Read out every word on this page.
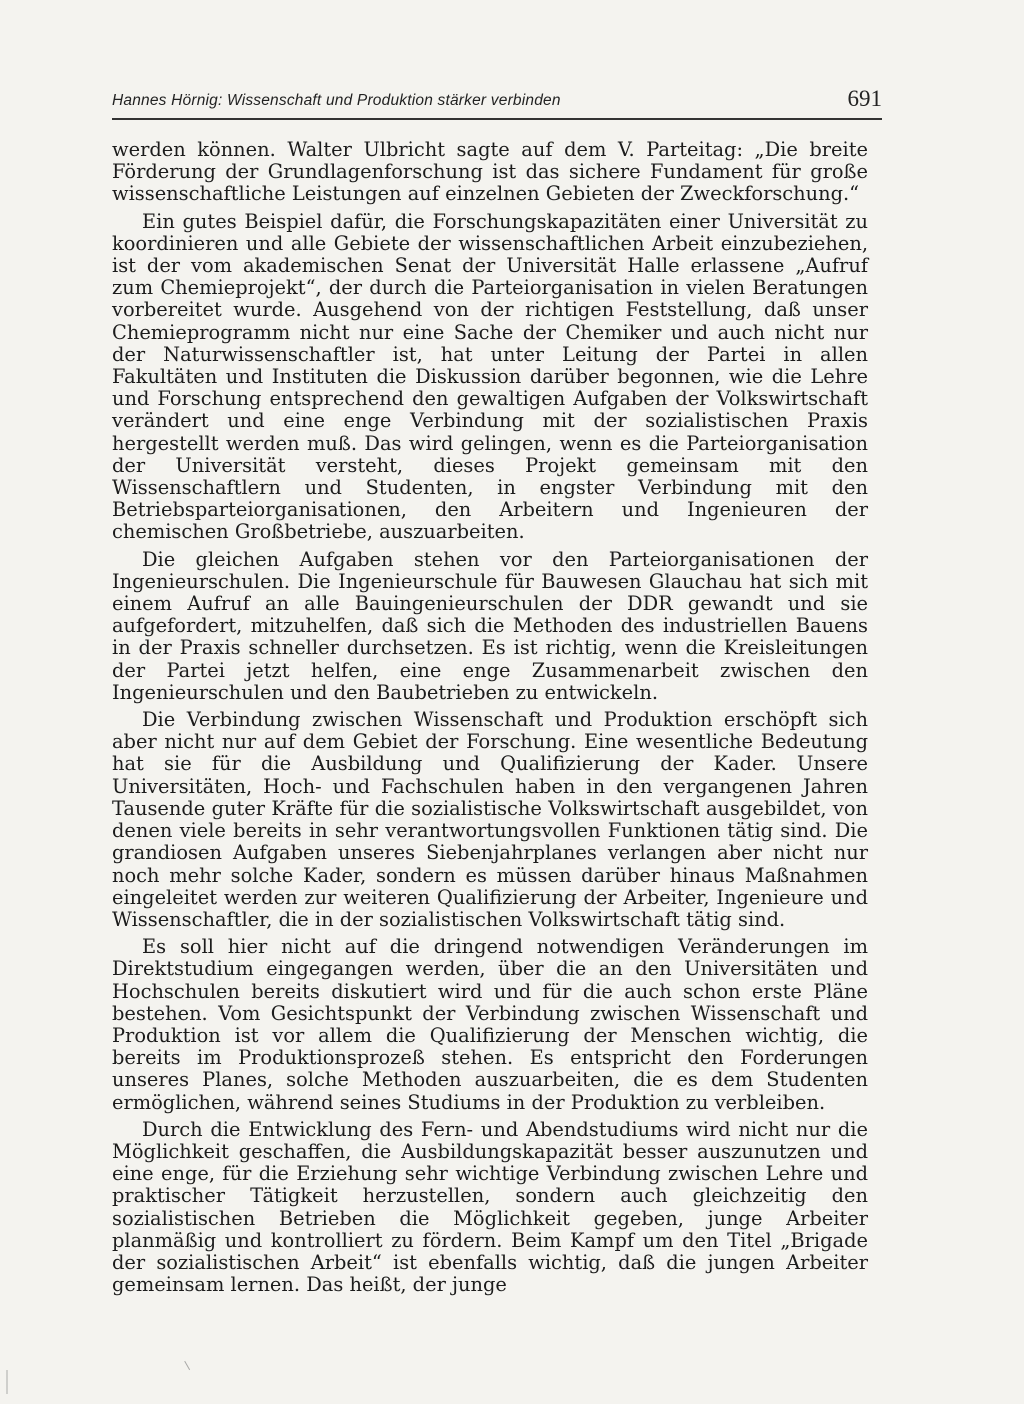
Hannes Hörnig: Wissenschaft und Produktion stärker verbinden	691

werden können. Walter Ulbricht sagte auf dem V. Parteitag: „Die breite Förderung der Grundlagenforschung ist das sichere Fundament für große wissenschaftliche Leistungen auf einzelnen Gebieten der Zweckforschung.“

Ein gutes Beispiel dafür, die Forschungskapazitäten einer Universität zu koordinieren und alle Gebiete der wissenschaftlichen Arbeit einzubeziehen, ist der vom akademischen Senat der Universität Halle erlassene „Aufruf zum Chemieprojekt“, der durch die Parteiorganisation in vielen Beratungen vorbereitet wurde. Ausgehend von der richtigen Feststellung, daß unser Chemieprogramm nicht nur eine Sache der Chemiker und auch nicht nur der Naturwissenschaftler ist, hat unter Leitung der Partei in allen Fakultäten und Instituten die Diskussion darüber begonnen, wie die Lehre und Forschung entsprechend den gewaltigen Aufgaben der Volkswirtschaft verändert und eine enge Verbindung mit der sozialistischen Praxis hergestellt werden muß. Das wird gelingen, wenn es die Parteiorganisation der Universität versteht, dieses Projekt gemeinsam mit den Wissenschaftlern und Studenten, in engster Verbindung mit den Betriebsparteiorganisationen, den Arbeitern und Ingenieuren der chemischen Großbetriebe, auszuarbeiten.

Die gleichen Aufgaben stehen vor den Parteiorganisationen der Ingenieurschulen. Die Ingenieurschule für Bauwesen Glauchau hat sich mit einem Aufruf an alle Bauingenieurschulen der DDR gewandt und sie aufgefordert, mitzuhelfen, daß sich die Methoden des industriellen Bauens in der Praxis schneller durchsetzen. Es ist richtig, wenn die Kreisleitungen der Partei jetzt helfen, eine enge Zusammenarbeit zwischen den Ingenieurschulen und den Baubetrieben zu entwickeln.

Die Verbindung zwischen Wissenschaft und Produktion erschöpft sich aber nicht nur auf dem Gebiet der Forschung. Eine wesentliche Bedeutung hat sie für die Ausbildung und Qualifizierung der Kader. Unsere Universitäten, Hoch- und Fachschulen haben in den vergangenen Jahren Tausende guter Kräfte für die sozialistische Volkswirtschaft ausgebildet, von denen viele bereits in sehr verantwortungsvollen Funktionen tätig sind. Die grandiosen Aufgaben unseres Siebenjahrplanes verlangen aber nicht nur noch mehr solche Kader, sondern es müssen darüber hinaus Maßnahmen eingeleitet werden zur weiteren Qualifizierung der Arbeiter, Ingenieure und Wissenschaftler, die in der sozialistischen Volkswirtschaft tätig sind.

Es soll hier nicht auf die dringend notwendigen Veränderungen im Direktstudium eingegangen werden, über die an den Universitäten und Hochschulen bereits diskutiert wird und für die auch schon erste Pläne bestehen. Vom Gesichtspunkt der Verbindung zwischen Wissenschaft und Produktion ist vor allem die Qualifizierung der Menschen wichtig, die bereits im Produktionsprozeß stehen. Es entspricht den Forderungen unseres Planes, solche Methoden auszuarbeiten, die es dem Studenten ermöglichen, während seines Studiums in der Produktion zu verbleiben.

Durch die Entwicklung des Fern- und Abendstudiums wird nicht nur die Möglichkeit geschaffen, die Ausbildungskapazität besser auszunutzen und eine enge, für die Erziehung sehr wichtige Verbindung zwischen Lehre und praktischer Tätigkeit herzustellen, sondern auch gleichzeitig den sozialistischen Betrieben die Möglichkeit gegeben, junge Arbeiter planmäßig und kontrolliert zu fördern. Beim Kampf um den Titel „Brigade der sozialistischen Arbeit“ ist ebenfalls wichtig, daß die jungen Arbeiter gemeinsam lernen. Das heißt, der junge
